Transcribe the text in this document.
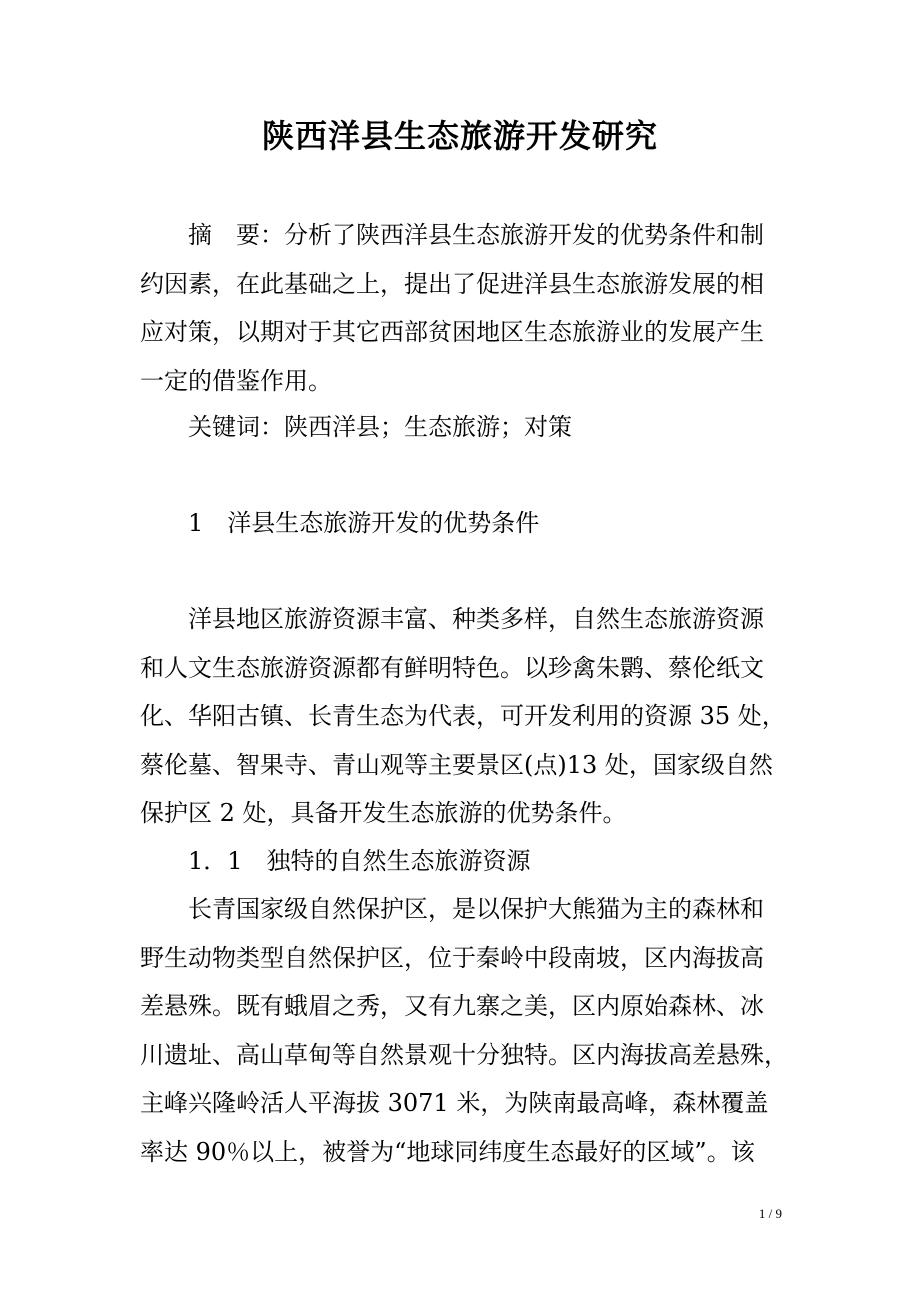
陕西洋县生态旅游开发研究
摘　要：分析了陕西洋县生态旅游开发的优势条件和制
约因素，在此基础之上，提出了促进洋县生态旅游发展的相
应对策，以期对于其它西部贫困地区生态旅游业的发展产生
一定的借鉴作用。
关键词：陕西洋县；生态旅游；对策
1　洋县生态旅游开发的优势条件
洋县地区旅游资源丰富、种类多样，自然生态旅游资源
和人文生态旅游资源都有鲜明特色。以珍禽朱鹮、蔡伦纸文
化、华阳古镇、长青生态为代表，可开发利用的资源 35 处，
蔡伦墓、智果寺、青山观等主要景区(点)13 处，国家级自然
保护区 2 处，具备开发生态旅游的优势条件。
1．1　独特的自然生态旅游资源
长青国家级自然保护区，是以保护大熊猫为主的森林和
野生动物类型自然保护区，位于秦岭中段南坡，区内海拔高
差悬殊。既有蛾眉之秀，又有九寨之美，区内原始森林、冰
川遗址、高山草甸等自然景观十分独特。区内海拔高差悬殊，
主峰兴隆岭活人平海拔 3071 米，为陕南最高峰，森林覆盖
率达 90％以上，被誉为“地球同纬度生态最好的区域”。该
1 / 9
